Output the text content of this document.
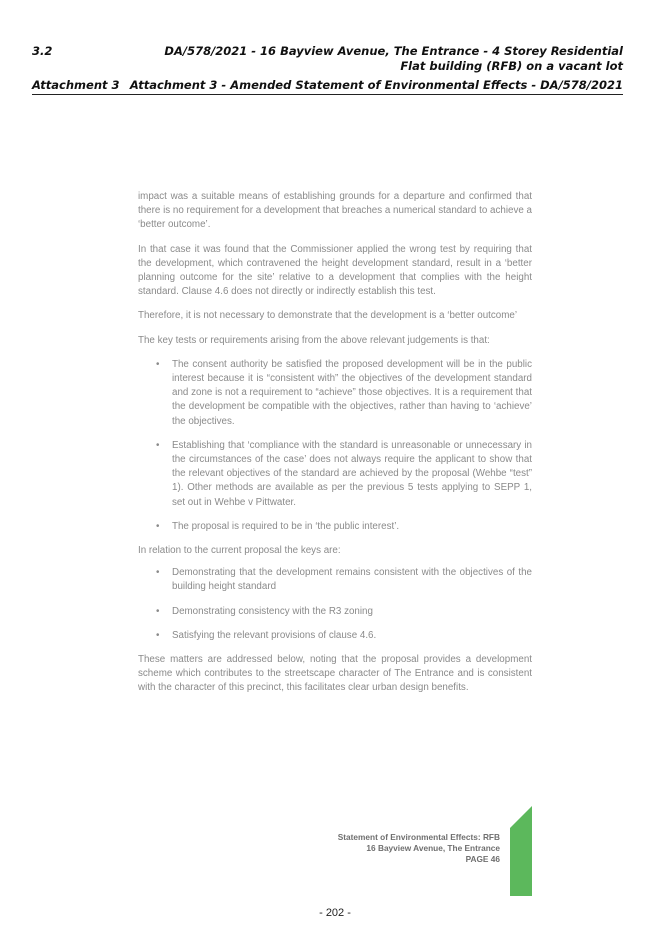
3.2	DA/578/2021 - 16 Bayview Avenue, The Entrance - 4 Storey Residential Flat building (RFB) on a vacant lot
Attachment 3 Attachment 3 - Amended Statement of Environmental Effects - DA/578/2021

impact was a suitable means of establishing grounds for a departure and confirmed that there is no requirement for a development that breaches a numerical standard to achieve a ‘better outcome’.

In that case it was found that the Commissioner applied the wrong test by requiring that the development, which contravened the height development standard, result in a ‘better planning outcome for the site’ relative to a development that complies with the height standard. Clause 4.6 does not directly or indirectly establish this test.

Therefore, it is not necessary to demonstrate that the development is a ‘better outcome’

The key tests or requirements arising from the above relevant judgements is that:

• The consent authority be satisfied the proposed development will be in the public interest because it is “consistent with” the objectives of the development standard and zone is not a requirement to “achieve” those objectives. It is a requirement that the development be compatible with the objectives, rather than having to ‘achieve’ the objectives.
• Establishing that ‘compliance with the standard is unreasonable or unnecessary in the circumstances of the case’ does not always require the applicant to show that the relevant objectives of the standard are achieved by the proposal (Wehbe “test” 1). Other methods are available as per the previous 5 tests applying to SEPP 1, set out in Wehbe v Pittwater.
• The proposal is required to be in ‘the public interest’.

In relation to the current proposal the keys are:

• Demonstrating that the development remains consistent with the objectives of the building height standard
• Demonstrating consistency with the R3 zoning
• Satisfying the relevant provisions of clause 4.6.

These matters are addressed below, noting that the proposal provides a development scheme which contributes to the streetscape character of The Entrance and is consistent with the character of this precinct, this facilitates clear urban design benefits.

Statement of Environmental Effects: RFB
16 Bayview Avenue, The Entrance
PAGE 46
- 202 -
